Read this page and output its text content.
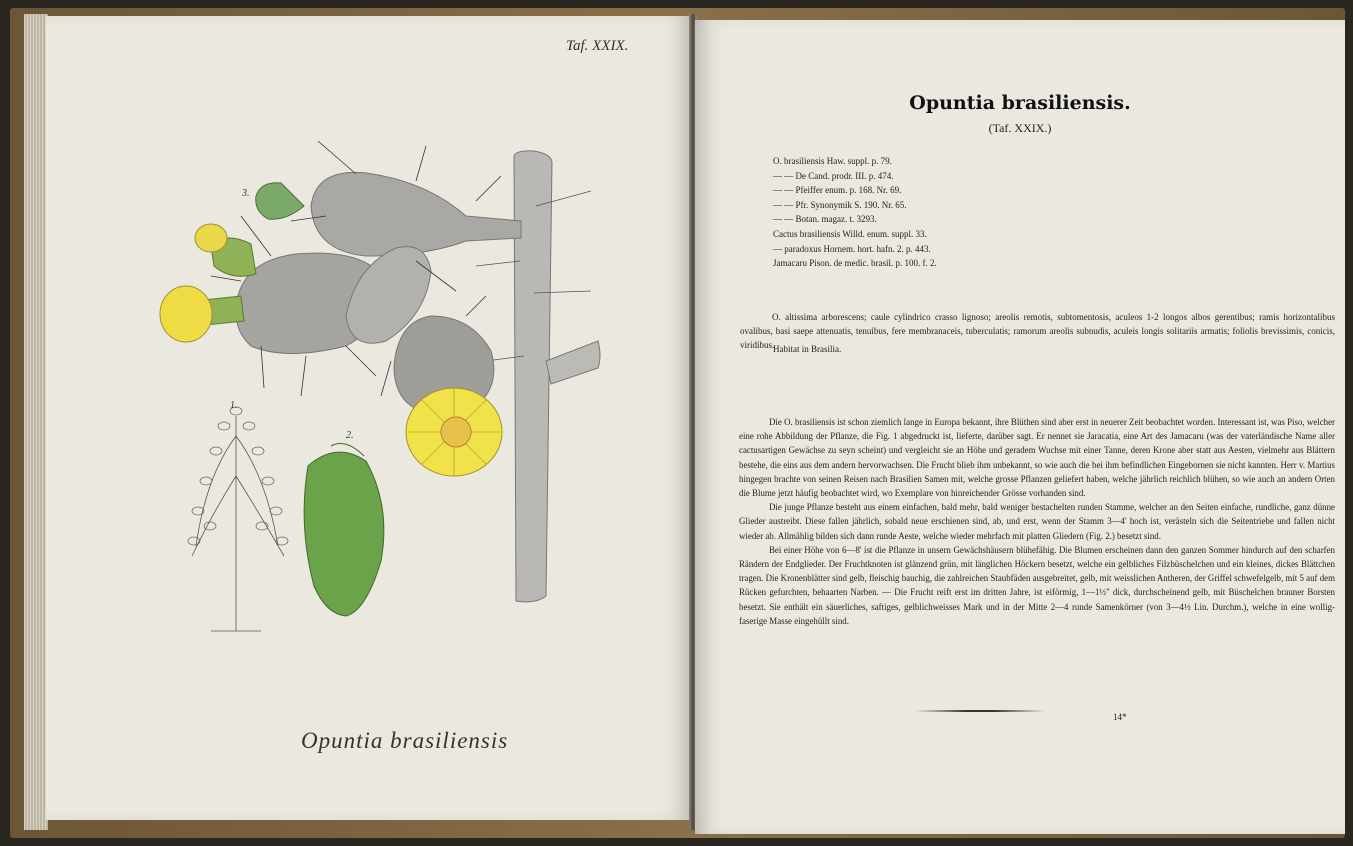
Taf. XXIX.
3.
1.
2.
Opuntia brasiliensis
Opuntia brasiliensis.
(Taf. XXIX.)
O. brasiliensis Haw. suppl. p. 79.
— — De Cand. prodr. III. p. 474.
— — Pfeiffer enum. p. 168. Nr. 69.
— — Pfr. Synonymik S. 190. Nr. 65.
— — Botan. magaz. t. 3293.
Cactus brasiliensis Willd. enum. suppl. 33.
— paradoxus Hornem. hort. hafn. 2. p. 443.
Jamacaru Pison. de medic. brasil. p. 100. f. 2.
O. altissima arborescens; caule cylindrico crasso lignoso; areolis remotis, subtomentosis, aculeos 1-2 longos albos gerentibus; ramis horizontalibus ovalibus, basi saepe attenuatis, tenuibus, fere membranaceis, tuberculatis; ramorum areolis subnudis, aculeis longis solitariis armatis; foliolis brevissimis, conicis, viridibus.
Habitat in Brasilia.

Die O. brasiliensis ist schon ziemlich lange in Europa bekannt, ihre Blüthen sind aber erst in neuerer Zeit beobachtet worden. Interessant ist, was Piso, welcher eine rohe Abbildung der Pflanze, die Fig. 1 abgedruckt ist, lieferte, darüber sagt. Er nennet sie Jaracatia, eine Art des Jamacaru (was der vaterländische Name aller cactusartigen Gewächse zu seyn scheint) und vergleicht sie an Höhe und geradem Wuchse mit einer Tanne, deren Krone aber statt aus Aesten, vielmehr aus Blättern bestehe, die eins aus dem andern hervorwachsen. Die Frucht blieb ihm unbekannt, so wie auch die bei ihm befindlichen Eingebornen sie nicht kannten. Herr v. Martius hingegen brachte von seinen Reisen nach Brasilien Samen mit, welche grosse Pflanzen geliefert haben, welche jährlich reichlich blühen, so wie auch an andern Orten die Blume jetzt häufig beobachtet wird, wo Exemplare von hinreichender Grösse vorhanden sind.

Die junge Pflanze besteht aus einem einfachen, bald mehr, bald weniger bestachelten runden Stamme, welcher an den Seiten einfache, rundliche, ganz dünne Glieder austreibt. Diese fallen jährlich, sobald neue erschienen sind, ab, und erst, wenn der Stamm 3—4' hoch ist, verästeln sich die Seitentriebe und fallen nicht wieder ab. Allmählig bilden sich dann runde Aeste, welche wieder mehrfach mit platten Gliedern (Fig. 2.) besetzt sind.

Bei einer Höhe von 6—8' ist die Pflanze in unsern Gewächshäusern blühefähig. Die Blumen erscheinen dann den ganzen Sommer hindurch auf den scharfen Rändern der Endglieder. Der Fruchtknoten ist glänzend grün, mit länglichen Höckern besetzt, welche ein gelbliches Filzbüschelchen und ein kleines, dickes Blättchen tragen. Die Kronenblätter sind gelb, fleischig bauchig, die zahlreichen Staubfäden ausgebreitet, gelb, mit weisslichen Antheren, der Griffel schwefelgelb, mit 5 auf dem Rücken gefurchten, behaarten Narben. — Die Frucht reift erst im dritten Jahre, ist eiförmig, 1—1½" dick, durchscheinend gelb, mit Büschelchen brauner Borsten besetzt. Sie enthält ein säuerliches, saftiges, gelblichweisses Mark und in der Mitte 2—4 runde Samenkörner (von 3—4½ Lin. Durchm.), welche in eine wollig-faserige Masse eingehüllt sind.

14*
